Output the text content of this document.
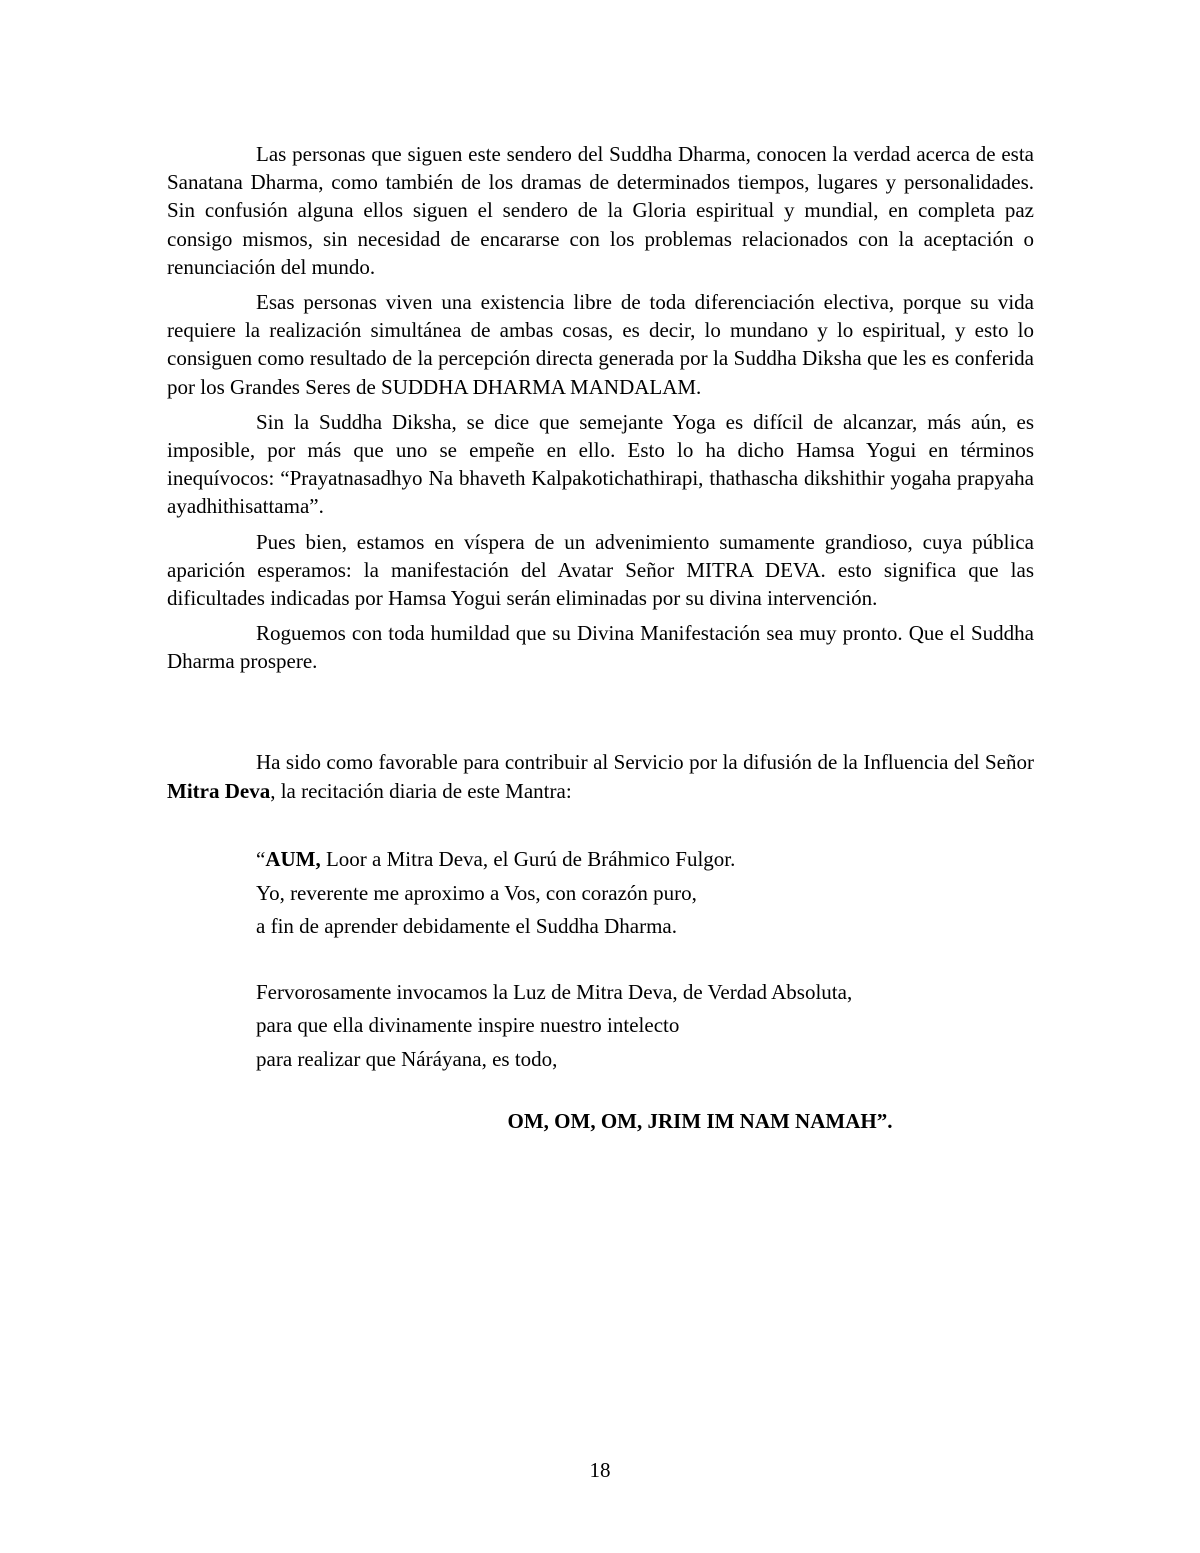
Las personas que siguen este sendero del Suddha Dharma, conocen la verdad acerca de esta Sanatana Dharma, como también de los dramas de determinados tiempos, lugares y personalidades. Sin confusión alguna ellos siguen el sendero de la Gloria espiritual y mundial, en completa paz consigo mismos, sin necesidad de encararse con los problemas relacionados con la aceptación o renunciación del mundo.

Esas personas viven una existencia libre de toda diferenciación electiva, porque su vida requiere la realización simultánea de ambas cosas, es decir, lo mundano y lo espiritual, y esto lo consiguen como resultado de la percepción directa generada por la Suddha Diksha que les es conferida por los Grandes Seres de SUDDHA DHARMA MANDALAM.

Sin la Suddha Diksha, se dice que semejante Yoga es difícil de alcanzar, más aún, es imposible, por más que uno se empeñe en ello. Esto lo ha dicho Hamsa Yogui en términos inequívocos: “Prayatnasadhyo Na bhaveth Kalpakotichathirapi, thathascha dikshithir yogaha prapyaha ayadhithisattama”.

Pues bien, estamos en víspera de un advenimiento sumamente grandioso, cuya pública aparición esperamos: la manifestación del Avatar Señor MITRA DEVA. esto significa que las dificultades indicadas por Hamsa Yogui serán eliminadas por su divina intervención.

Roguemos con toda humildad que su Divina Manifestación sea muy pronto. Que el Suddha Dharma prospere.

Ha sido como favorable para contribuir al Servicio por la difusión de la Influencia del Señor Mitra Deva, la recitación diaria de este Mantra:

“AUM, Loor a Mitra Deva, el Gurú de Bráhmico Fulgor.
Yo, reverente me aproximo a Vos, con corazón puro,
a fin de aprender debidamente el Suddha Dharma.
Fervorosamente invocamos la Luz de Mitra Deva, de Verdad Absoluta,
para que ella divinamente inspire nuestro intelecto
para realizar que Náráyana, es todo,
OM, OM, OM, JRIM IM NAM NAMAH”.
18
